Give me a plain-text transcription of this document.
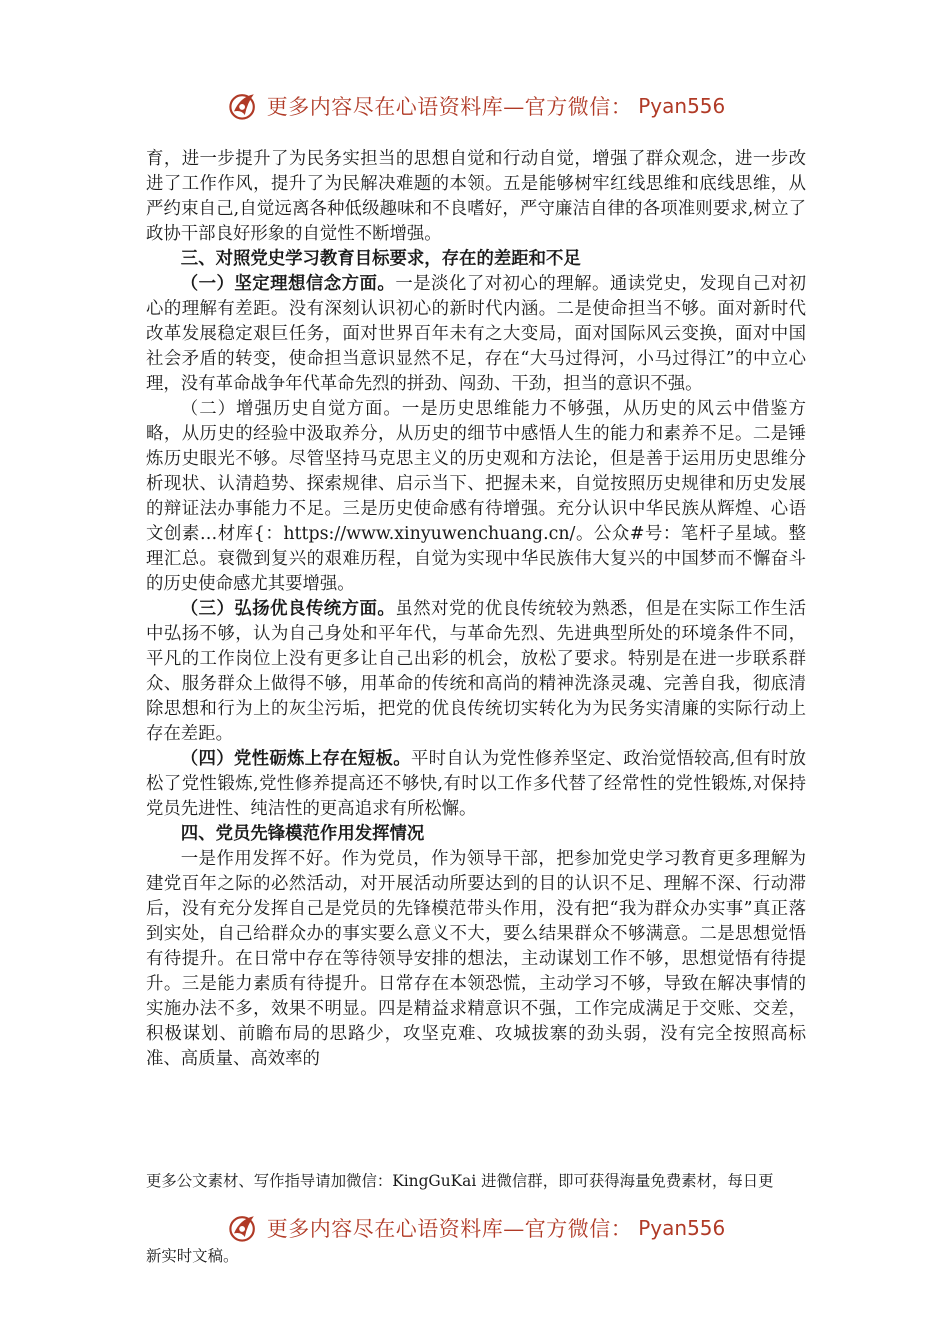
更多内容尽在心语资料库—官方微信： Pyan556

育，进一步提升了为民务实担当的思想自觉和行动自觉，增强了群众观念，进一步改进了工作作风，提升了为民解决难题的本领。五是能够树牢红线思维和底线思维，从严约束自己,自觉远离各种低级趣味和不良嗜好，严守廉洁自律的各项准则要求,树立了政协干部良好形象的自觉性不断增强。

三、对照党史学习教育目标要求，存在的差距和不足

（一）坚定理想信念方面。一是淡化了对初心的理解。通读党史，发现自己对初心的理解有差距。没有深刻认识初心的新时代内涵。二是使命担当不够。面对新时代改革发展稳定艰巨任务，面对世界百年未有之大变局，面对国际风云变换，面对中国社会矛盾的转变，使命担当意识显然不足，存在“大马过得河，小马过得江”的中立心理，没有革命战争年代革命先烈的拼劲、闯劲、干劲，担当的意识不强。

（二）增强历史自觉方面。一是历史思维能力不够强，从历史的风云中借鉴方略，从历史的经验中汲取养分，从历史的细节中感悟人生的能力和素养不足。二是锤炼历史眼光不够。尽管坚持马克思主义的历史观和方法论，但是善于运用历史思维分析现状、认清趋势、探索规律、启示当下、把握未来，自觉按照历史规律和历史发展的辩证法办事能力不足。三是历史使命感有待增强。充分认识中华民族从辉煌、心语文创素…材库{：https://www.xinyuwenchuang.cn/。公众#号：笔杆子星域。整理汇总。衰微到复兴的艰难历程，自觉为实现中华民族伟大复兴的中国梦而不懈奋斗的历史使命感尤其要增强。

（三）弘扬优良传统方面。虽然对党的优良传统较为熟悉，但是在实际工作生活中弘扬不够，认为自己身处和平年代，与革命先烈、先进典型所处的环境条件不同，平凡的工作岗位上没有更多让自己出彩的机会，放松了要求。特别是在进一步联系群众、服务群众上做得不够，用革命的传统和高尚的精神洗涤灵魂、完善自我，彻底清除思想和行为上的灰尘污垢，把党的优良传统切实转化为为民务实清廉的实际行动上存在差距。

（四）党性砺炼上存在短板。平时自认为党性修养坚定、政治觉悟较高,但有时放松了党性锻炼,党性修养提高还不够快,有时以工作多代替了经常性的党性锻炼,对保持党员先进性、纯洁性的更高追求有所松懈。

四、党员先锋模范作用发挥情况

一是作用发挥不好。作为党员，作为领导干部，把参加党史学习教育更多理解为建党百年之际的必然活动，对开展活动所要达到的目的认识不足、理解不深、行动滞后，没有充分发挥自己是党员的先锋模范带头作用，没有把“我为群众办实事”真正落到实处，自己给群众办的事实要么意义不大，要么结果群众不够满意。二是思想觉悟有待提升。在日常中存在等待领导安排的想法，主动谋划工作不够，思想觉悟有待提升。三是能力素质有待提升。日常存在本领恐慌，主动学习不够，导致在解决事情的实施办法不多，效果不明显。四是精益求精意识不强，工作完成满足于交账、交差，积极谋划、前瞻布局的思路少，攻坚克难、攻城拔寨的劲头弱，没有完全按照高标准、高质量、高效率的

更多公文素材、写作指导请加微信：KingGuKai 进微信群，即可获得海量免费素材，每日更
更多内容尽在心语资料库—官方微信： Pyan556
新实时文稿。
